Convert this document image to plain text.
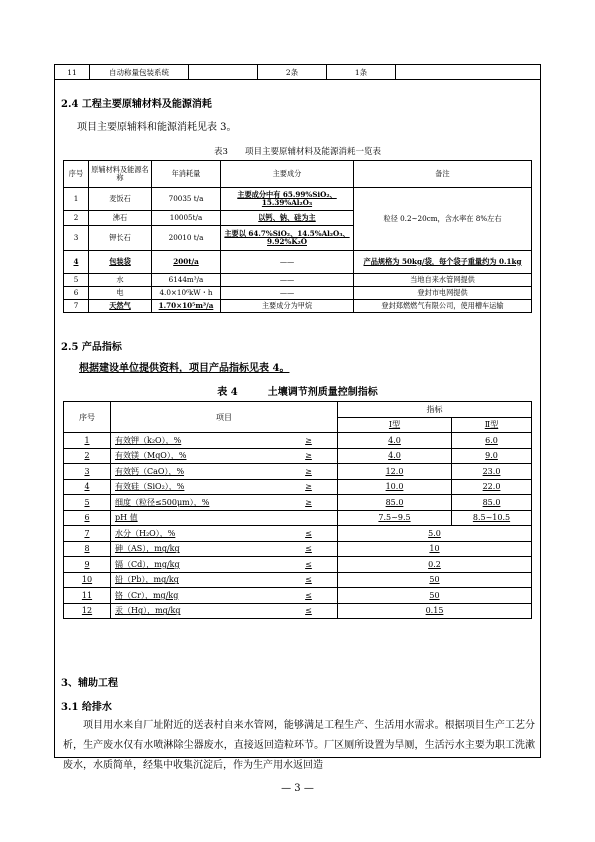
11	自动称量包装系统		2条	1条	
2.4 工程主要原辅材料及能源消耗

项目主要原辅料和能源消耗见表 3。

表3　　项目主要原辅材料及能源消耗一览表
序号	原辅材料及能源名称	年消耗量	主要成分	备注
1	麦饭石	70035 t/a	主要成分中有 65.99%SiO₂、15.39%Al₂O₃	粒径 0.2~20cm，含水率在 8%左右
2	沸石	10005t/a	以钙、钠、硅为主	
3	钾长石	20010 t/a	主要以 64.7%SiO₂、14.5%Al₂O₃、9.92%K₂O	
4	包装袋	200t/a	——	产品规格为 50kg/袋，每个袋子重量约为 0.1kg
5	水	6144m³/a	——	当地自来水管网提供
6	电	4.0×10⁶kW・h	——	登封市电网提供
7	天然气	1.70×10⁵m³/a	主要成分为甲烷	登封郑燃燃气有限公司，使用槽车运输
2.5 产品指标

根据建设单位提供资料，项目产品指标见表 4。

表 4　　　土壤调节剂质量控制指标
序号	项目		指标	
			Ⅰ型	Ⅱ型
1	有效钾（k₂O），%	≥	4.0	6.0
2	有效镁（MgO），%	≥	4.0	9.0
3	有效钙（CaO），%	≥	12.0	23.0
4	有效硅（SiO₂），%	≥	10.0	22.0
5	细度（粒径≤500μm），%	≥	85.0	85.0
6	pH 值		7.5~9.5	8.5~10.5
7	水分（H₂O），%	≤	5.0	
8	砷（AS），mg/kg	≤	10	
9	镉（Cd），mg/kg	≤	0.2	
10	铅（Pb），mg/kg	≤	50	
11	铬（Cr），mg/kg	≤	50	
12	汞（Hg），mg/kg	≤	0.15	
3、辅助工程
3.1 给排水

项目用水来自厂址附近的送表村自来水管网，能够满足工程生产、生活用水需求。根据项目生产工艺分析，生产废水仅有水喷淋除尘器废水，直接返回造粒环节。厂区厕所设置为旱厕，生活污水主要为职工洗漱废水，水质简单，经集中收集沉淀后，作为生产用水返回造

— 3 —
